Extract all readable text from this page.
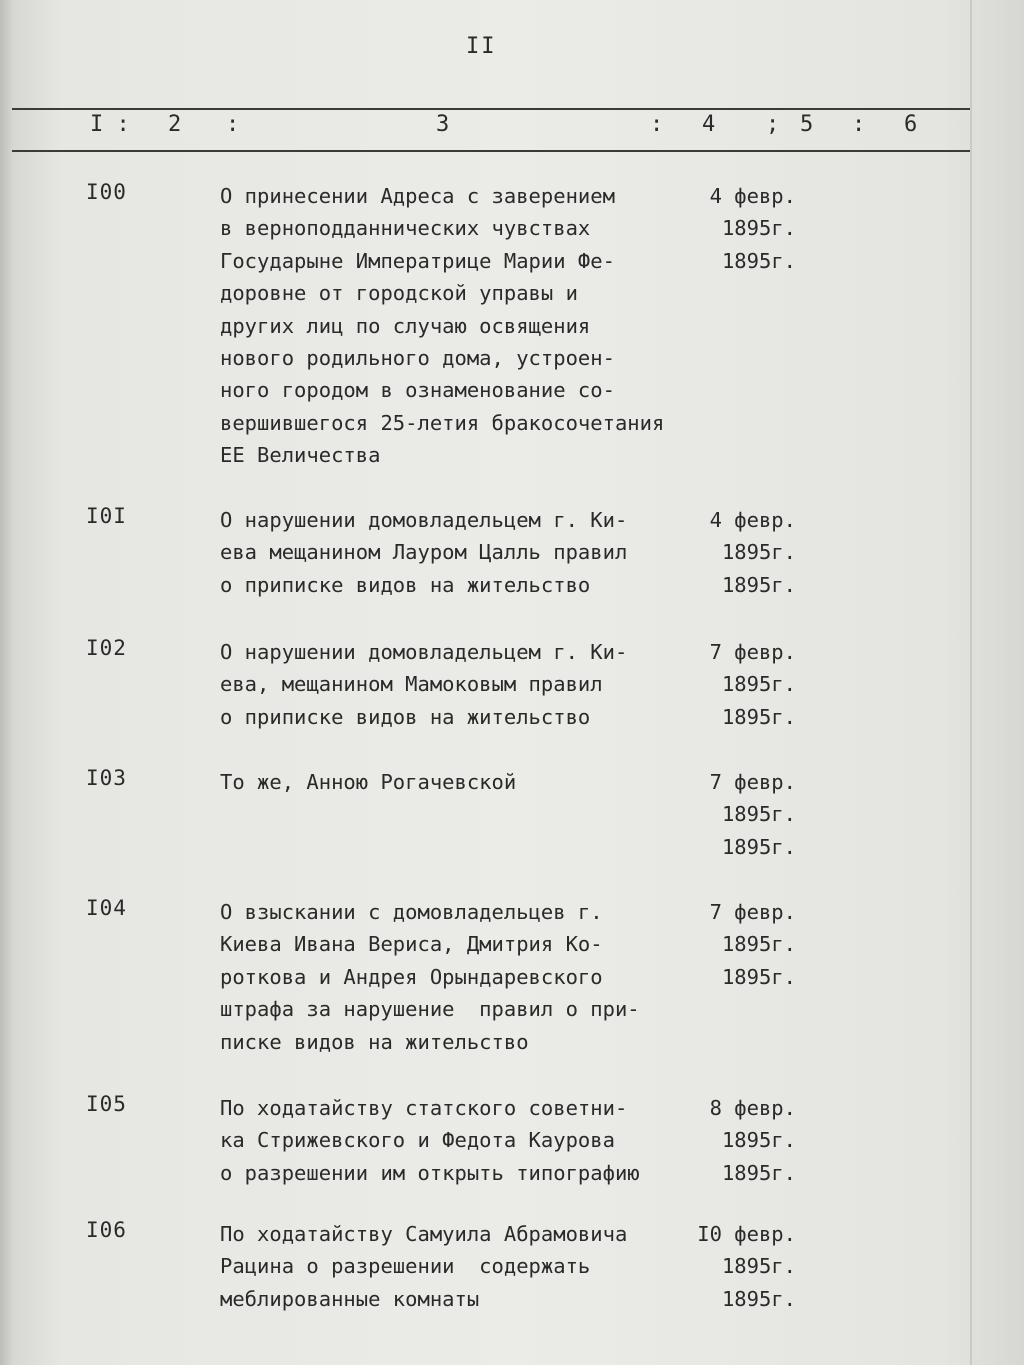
II
I : 2 :	3	: 4 ; 5 : 6
I00	О принесении Адреса с заверением
в верноподданнических чувствах
Государыне Императрице Марии Фе-
доровне от городской управы и
других лиц по случаю освящения
нового родильного дома, устроен-
ного городом в ознаменование со-
вершившегося 25-летия бракосочетания
ЕЕ Величества
4 февр.
1895г.
1895г.
I0I	О нарушении домовладельцем г. Ки-
ева мещанином Лауром Цалль правил
о приписке видов на жительство
4 февр.
1895г.
1895г.
I02	О нарушении домовладельцем г. Ки-
ева, мещанином Мамоковым правил
о приписке видов на жительство
7 февр.
1895г.
1895г.
I03	То же, Анною Рогачевской	7 февр.
1895г.
1895г.
I04	О взыскании с домовладельцев г.
Киева Ивана Вериса, Дмитрия Ко-
роткова и Андрея Орындаревского
штрафа за нарушение  правил о при-
писке видов на жительство
7 февр.
1895г.
1895г.
I05	По ходатайству статского советни-
ка Стрижевского и Федота Каурова
о разрешении им открыть типографию
8 февр.
1895г.
1895г.
I06	По ходатайству Самуила Абрамовича
Рацина о разрешении  содержать
меблированные комнаты
I0 февр.
1895г.
1895г.
